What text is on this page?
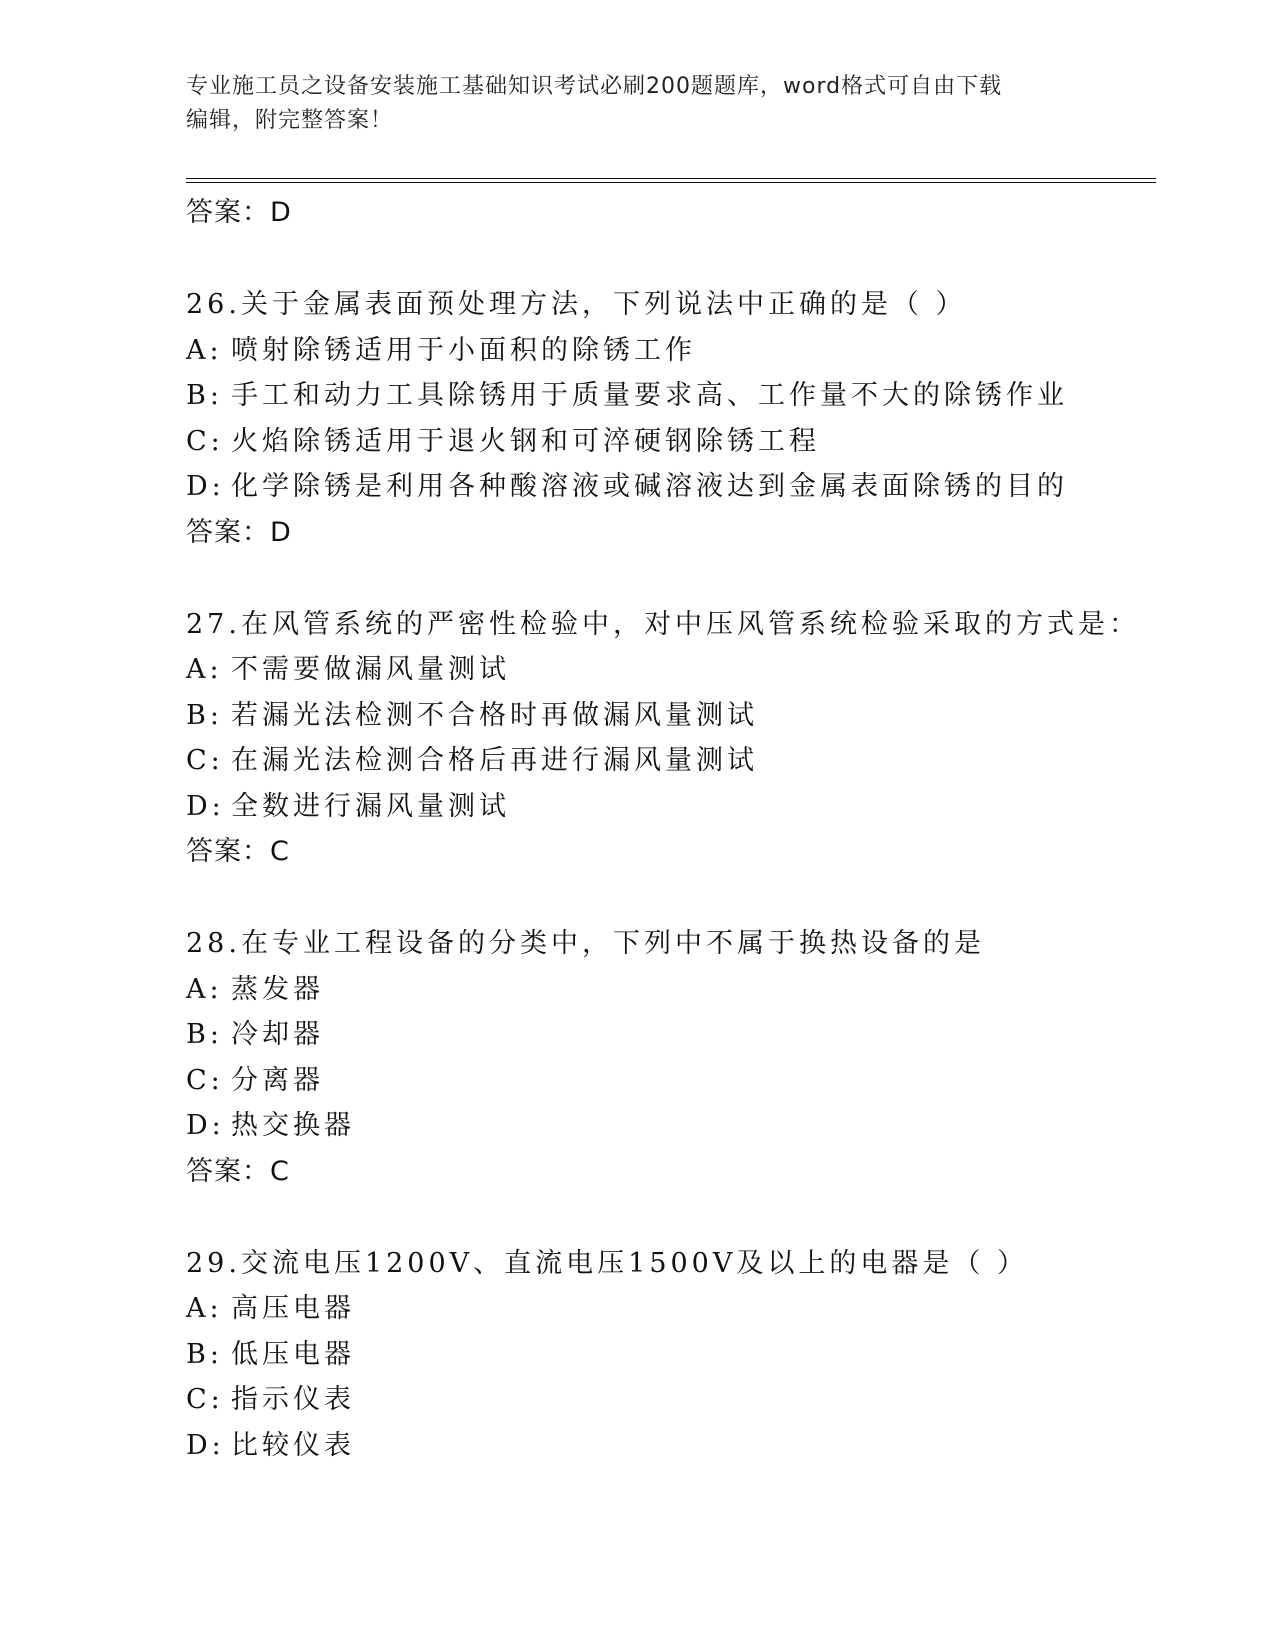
专业施工员之设备安装施工基础知识考试必刷200题题库，word格式可自由下载
编辑，附完整答案！
答案：D
26.关于金属表面预处理方法，下列说法中正确的是（ ）
A: 喷射除锈适用于小面积的除锈工作
B: 手工和动力工具除锈用于质量要求高、工作量不大的除锈作业
C: 火焰除锈适用于退火钢和可淬硬钢除锈工程
D: 化学除锈是利用各种酸溶液或碱溶液达到金属表面除锈的目的
答案：D
27.在风管系统的严密性检验中，对中压风管系统检验采取的方式是：
A: 不需要做漏风量测试
B: 若漏光法检测不合格时再做漏风量测试
C: 在漏光法检测合格后再进行漏风量测试
D: 全数进行漏风量测试
答案：C
28.在专业工程设备的分类中，下列中不属于换热设备的是
A: 蒸发器
B: 冷却器
C: 分离器
D: 热交换器
答案：C
29.交流电压1200V、直流电压1500V及以上的电器是（ ）
A: 高压电器
B: 低压电器
C: 指示仪表
D: 比较仪表
